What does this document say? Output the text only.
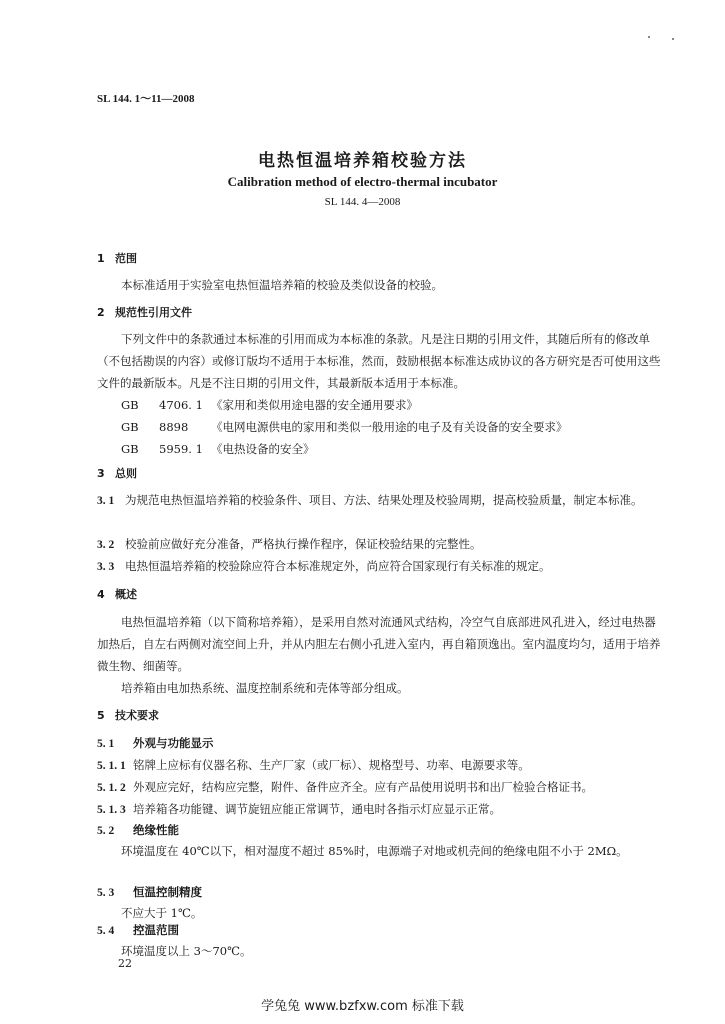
SL 144. 1～11—2008
电热恒温培养箱校验方法
Calibration method of electro-thermal incubator
SL 144. 4—2008
1 范围
本标准适用于实验室电热恒温培养箱的校验及类似设备的校验。
2 规范性引用文件
下列文件中的条款通过本标准的引用而成为本标准的条款。凡是注日期的引用文件，其随后所有的修改单（不包括勘误的内容）或修订版均不适用于本标准，然而，鼓励根据本标准达成协议的各方研究是否可使用这些文件的最新版本。凡是不注日期的引用文件，其最新版本适用于本标准。
GB 4706. 1 《家用和类似用途电器的安全通用要求》
GB 8898 《电网电源供电的家用和类似一般用途的电子及有关设备的安全要求》
GB 5959. 1 《电热设备的安全》
3 总则
3. 1 为规范电热恒温培养箱的校验条件、项目、方法、结果处理及校验周期，提高校验质量，制定本标准。
3. 2 校验前应做好充分准备，严格执行操作程序，保证校验结果的完整性。
3. 3 电热恒温培养箱的校验除应符合本标准规定外，尚应符合国家现行有关标准的规定。
4 概述
电热恒温培养箱（以下简称培养箱），是采用自然对流通风式结构，冷空气自底部进风孔进入，经过电热器加热后，自左右两侧对流空间上升，并从内胆左右侧小孔进入室内，再自箱顶逸出。室内温度均匀，适用于培养微生物、细菌等。
培养箱由电加热系统、温度控制系统和壳体等部分组成。
5 技术要求
5. 1 外观与功能显示
5. 1. 1 铭牌上应标有仪器名称、生产厂家（或厂标）、规格型号、功率、电源要求等。
5. 1. 2 外观应完好，结构应完整，附件、备件应齐全。应有产品使用说明书和出厂检验合格证书。
5. 1. 3 培养箱各功能键、调节旋钮应能正常调节，通电时各指示灯应显示正常。
5. 2 绝缘性能
环境温度在 40℃以下，相对湿度不超过 85%时，电源端子对地或机壳间的绝缘电阻不小于 2MΩ。
5. 3 恒温控制精度
不应大于 1℃。
5. 4 控温范围
环境温度以上 3～70℃。
22
学兔兔 www.bzfxw.com 标准下载
